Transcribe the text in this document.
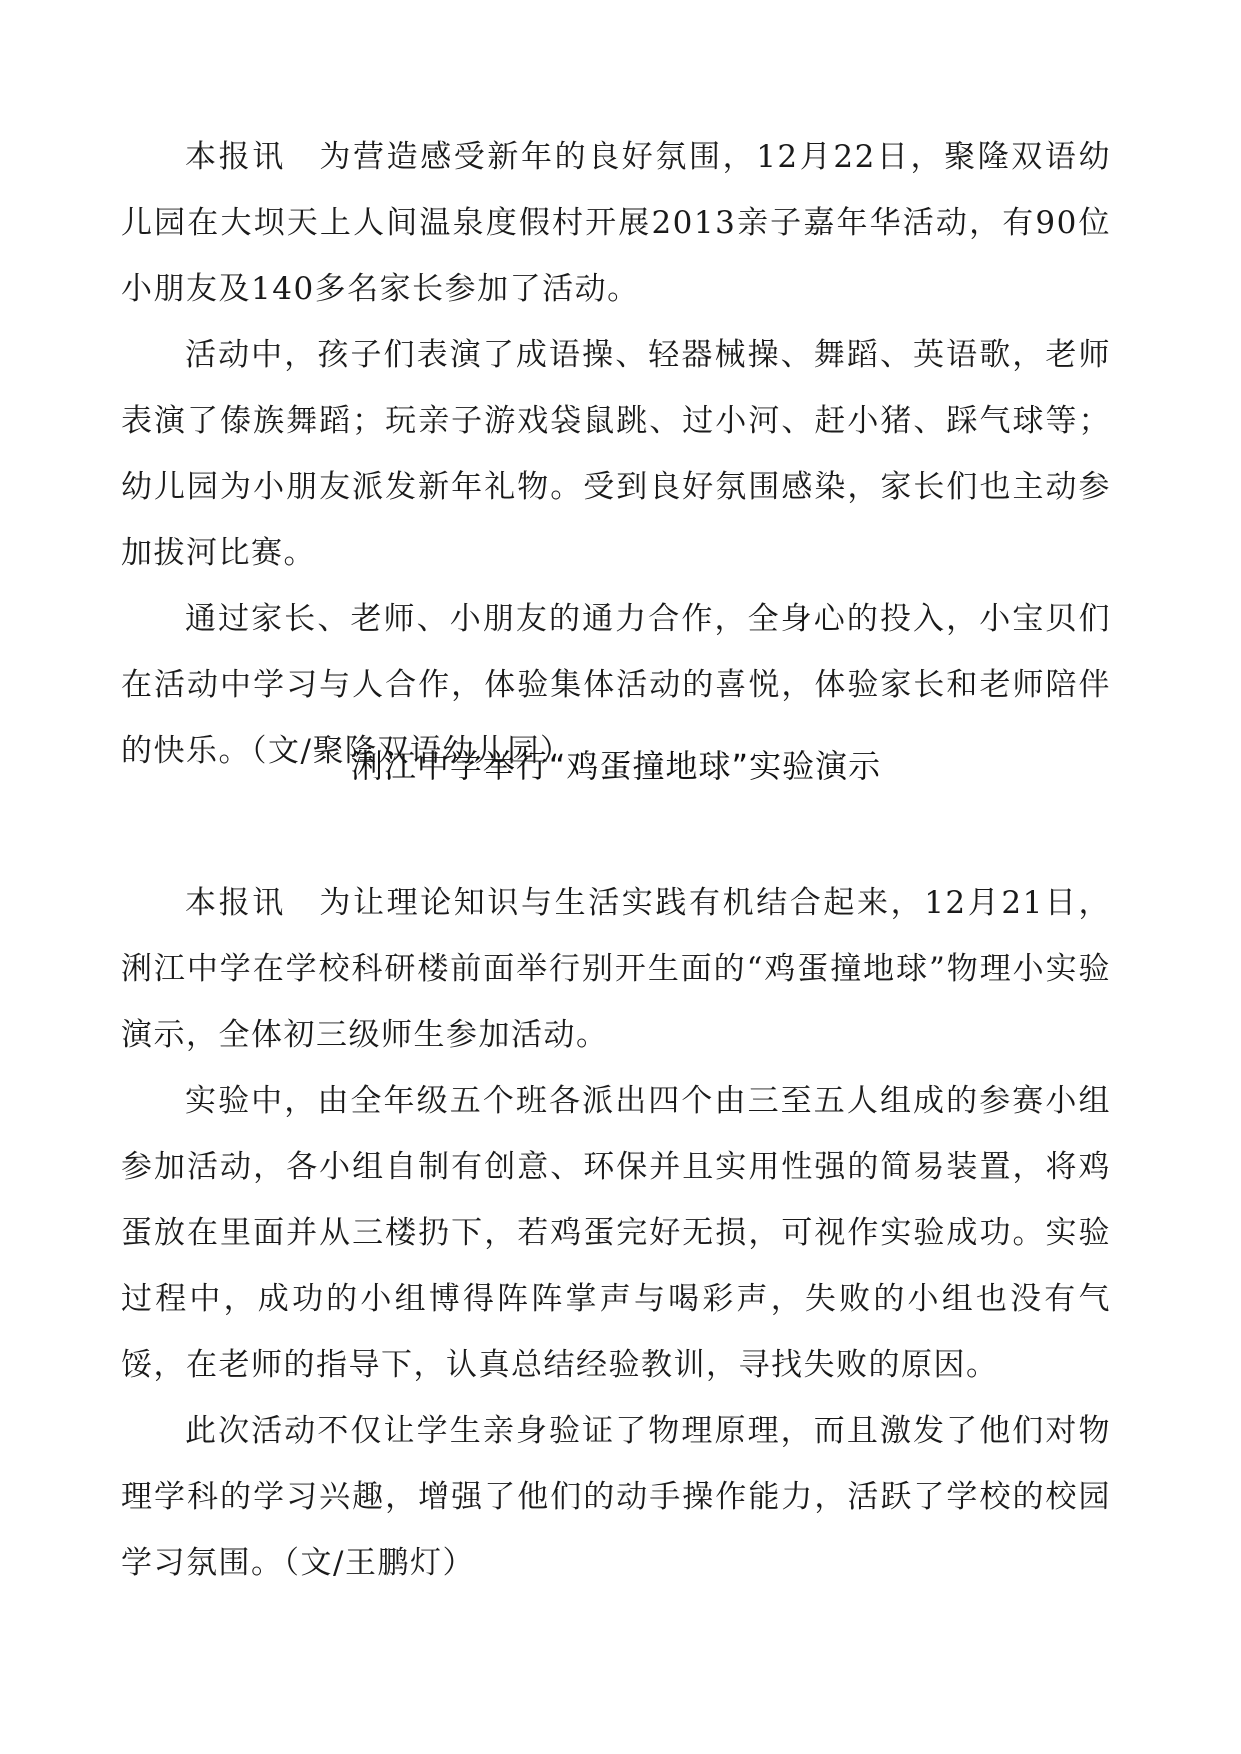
本报讯　为营造感受新年的良好氛围，12月22日，聚隆双语幼儿园在大坝天上人间温泉度假村开展2013亲子嘉年华活动，有90位小朋友及140多名家长参加了活动。

活动中，孩子们表演了成语操、轻器械操、舞蹈、英语歌，老师表演了傣族舞蹈；玩亲子游戏袋鼠跳、过小河、赶小猪、踩气球等；幼儿园为小朋友派发新年礼物。受到良好氛围感染，家长们也主动参加拔河比赛。

通过家长、老师、小朋友的通力合作，全身心的投入，小宝贝们在活动中学习与人合作，体验集体活动的喜悦，体验家长和老师陪伴的快乐。（文/聚隆双语幼儿园）

浰江中学举行“鸡蛋撞地球”实验演示

本报讯　为让理论知识与生活实践有机结合起来，12月21日，浰江中学在学校科研楼前面举行别开生面的“鸡蛋撞地球”物理小实验演示，全体初三级师生参加活动。

实验中，由全年级五个班各派出四个由三至五人组成的参赛小组参加活动，各小组自制有创意、环保并且实用性强的简易装置，将鸡蛋放在里面并从三楼扔下，若鸡蛋完好无损，可视作实验成功。实验过程中，成功的小组博得阵阵掌声与喝彩声，失败的小组也没有气馁，在老师的指导下，认真总结经验教训，寻找失败的原因。

此次活动不仅让学生亲身验证了物理原理，而且激发了他们对物理学科的学习兴趣，增强了他们的动手操作能力，活跃了学校的校园学习氛围。（文/王鹏灯）
